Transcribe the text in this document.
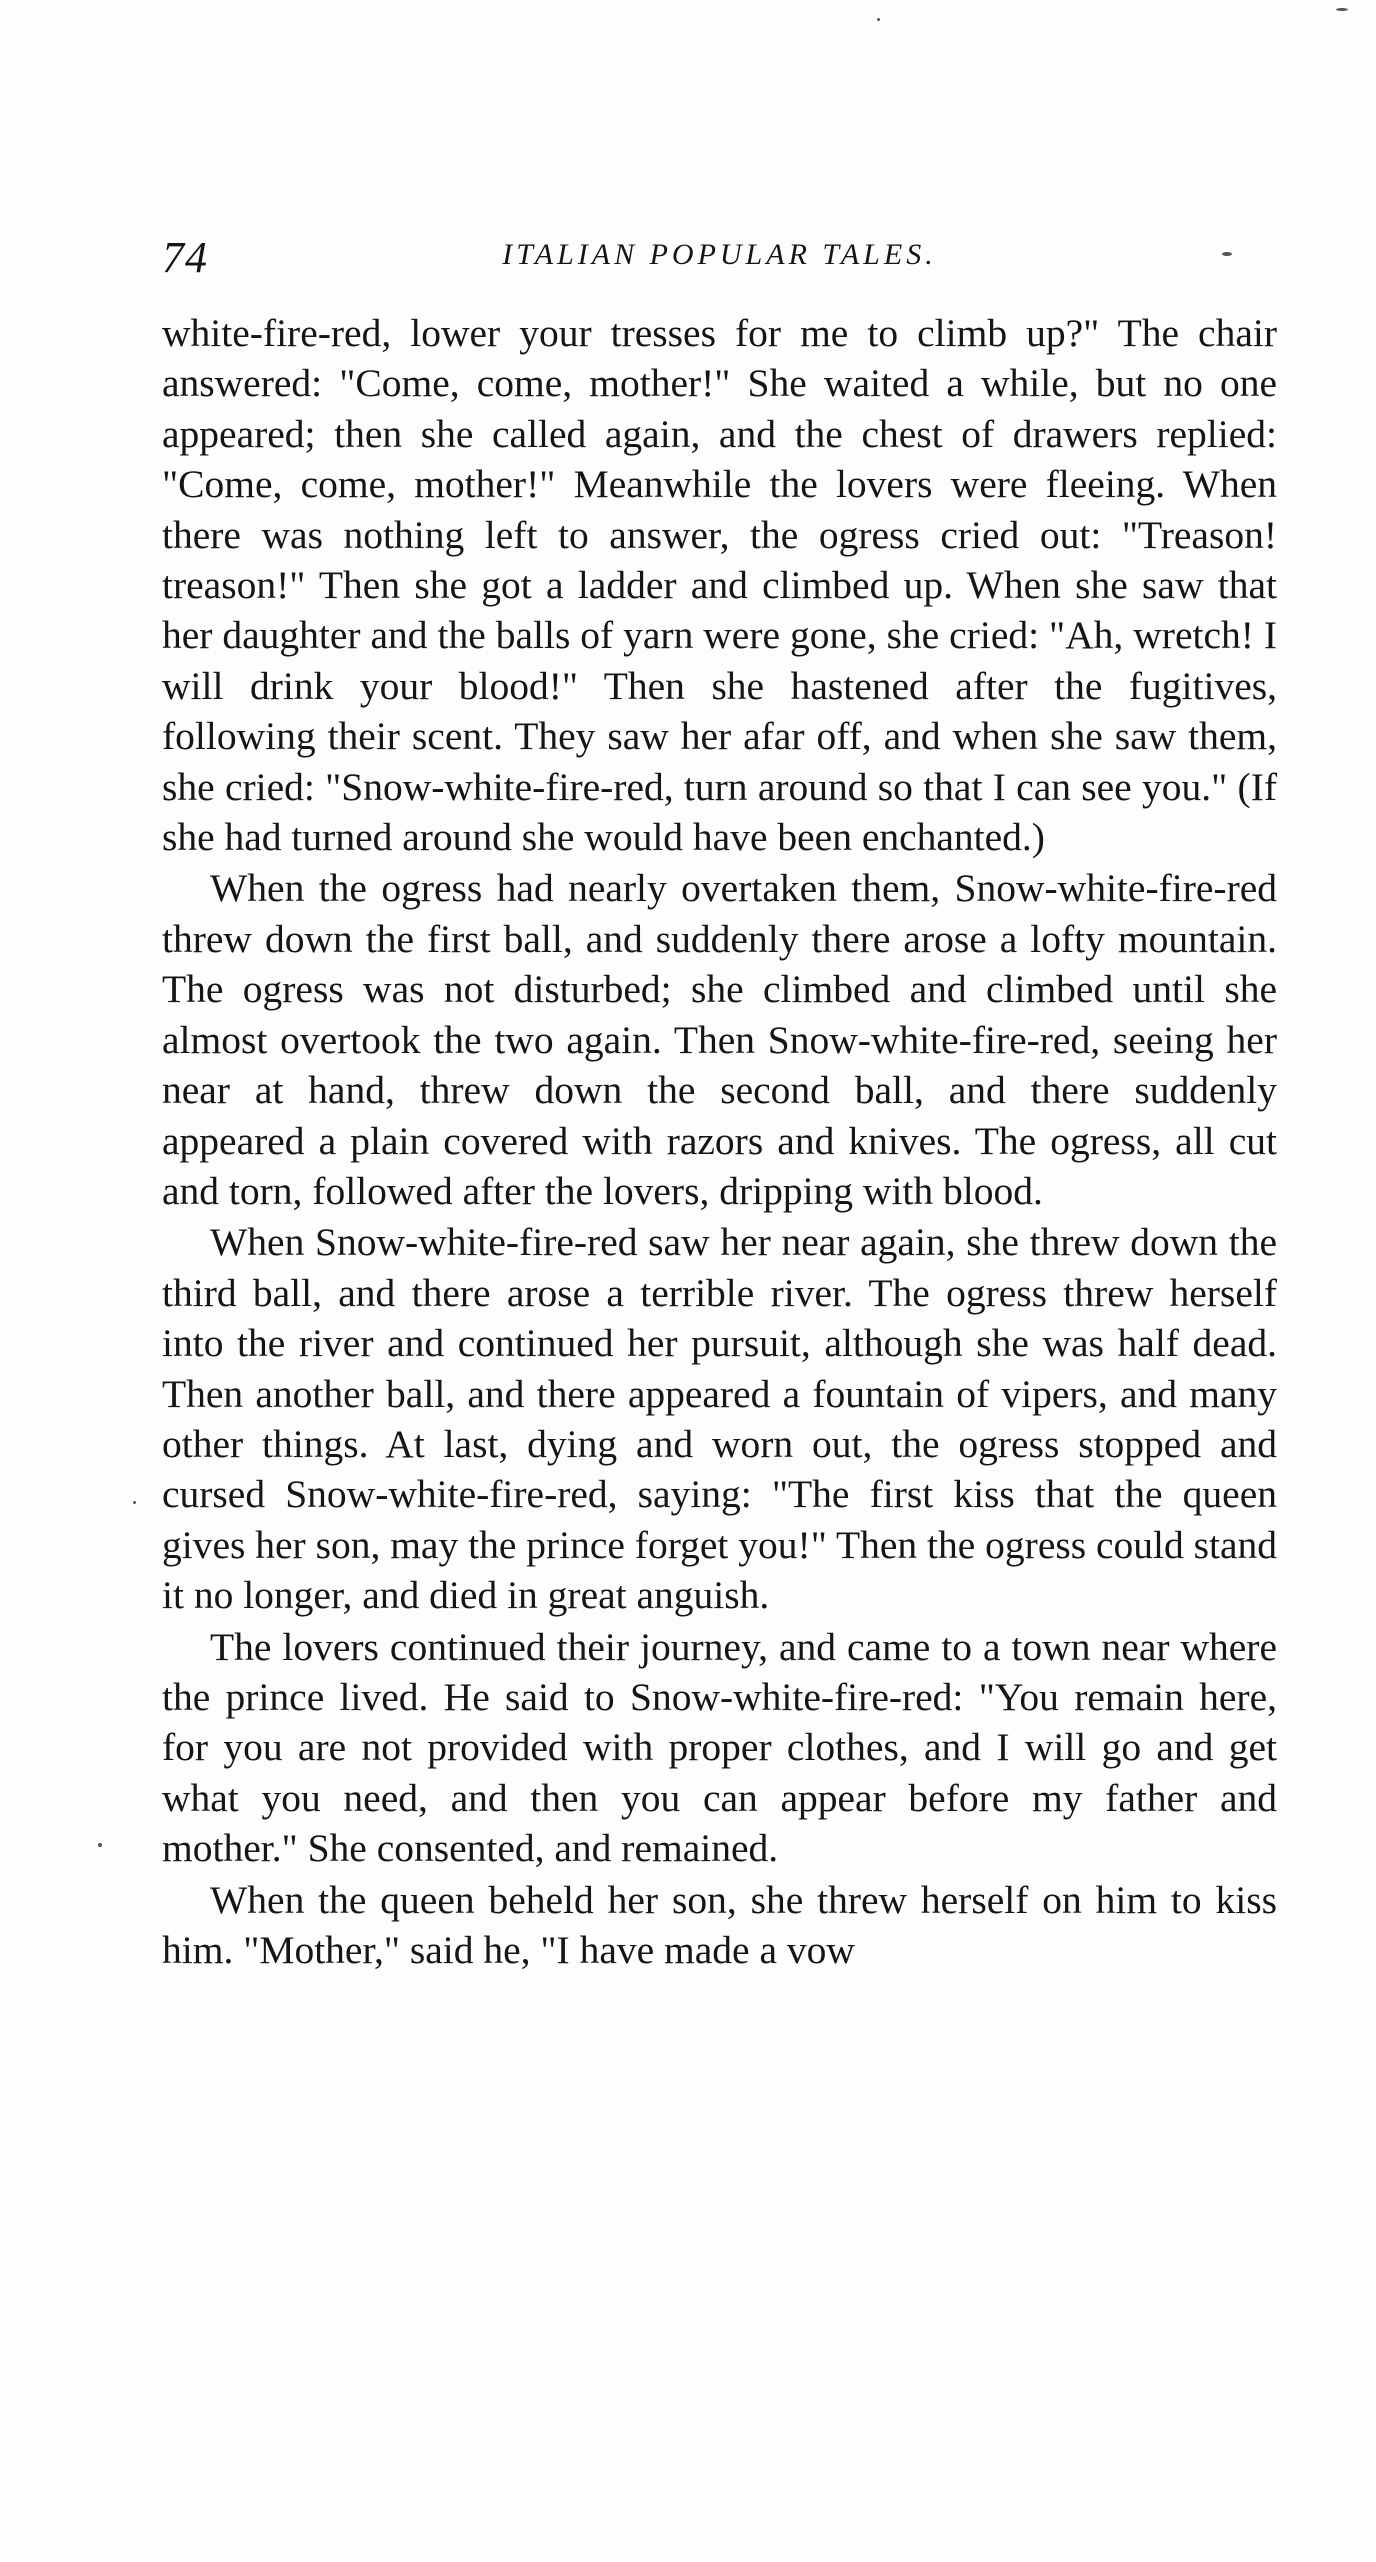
74	ITALIAN POPULAR TALES.

white-fire-red, lower your tresses for me to climb up?" The chair answered: "Come, come, mother!" She waited a while, but no one appeared; then she called again, and the chest of drawers replied: "Come, come, mother!" Meanwhile the lovers were fleeing. When there was nothing left to answer, the ogress cried out: "Treason! treason!" Then she got a ladder and climbed up. When she saw that her daughter and the balls of yarn were gone, she cried: "Ah, wretch! I will drink your blood!" Then she hastened after the fugitives, following their scent. They saw her afar off, and when she saw them, she cried: "Snow-white-fire-red, turn around so that I can see you." (If she had turned around she would have been enchanted.)

When the ogress had nearly overtaken them, Snow-white-fire-red threw down the first ball, and suddenly there arose a lofty mountain. The ogress was not disturbed; she climbed and climbed until she almost overtook the two again. Then Snow-white-fire-red, seeing her near at hand, threw down the second ball, and there suddenly appeared a plain covered with razors and knives. The ogress, all cut and torn, followed after the lovers, dripping with blood.

When Snow-white-fire-red saw her near again, she threw down the third ball, and there arose a terrible river. The ogress threw herself into the river and continued her pursuit, although she was half dead. Then another ball, and there appeared a fountain of vipers, and many other things. At last, dying and worn out, the ogress stopped and cursed Snow-white-fire-red, saying: "The first kiss that the queen gives her son, may the prince forget you!" Then the ogress could stand it no longer, and died in great anguish.

The lovers continued their journey, and came to a town near where the prince lived. He said to Snow-white-fire-red: "You remain here, for you are not provided with proper clothes, and I will go and get what you need, and then you can appear before my father and mother." She consented, and remained.

When the queen beheld her son, she threw herself on him to kiss him. "Mother," said he, "I have made a vow
